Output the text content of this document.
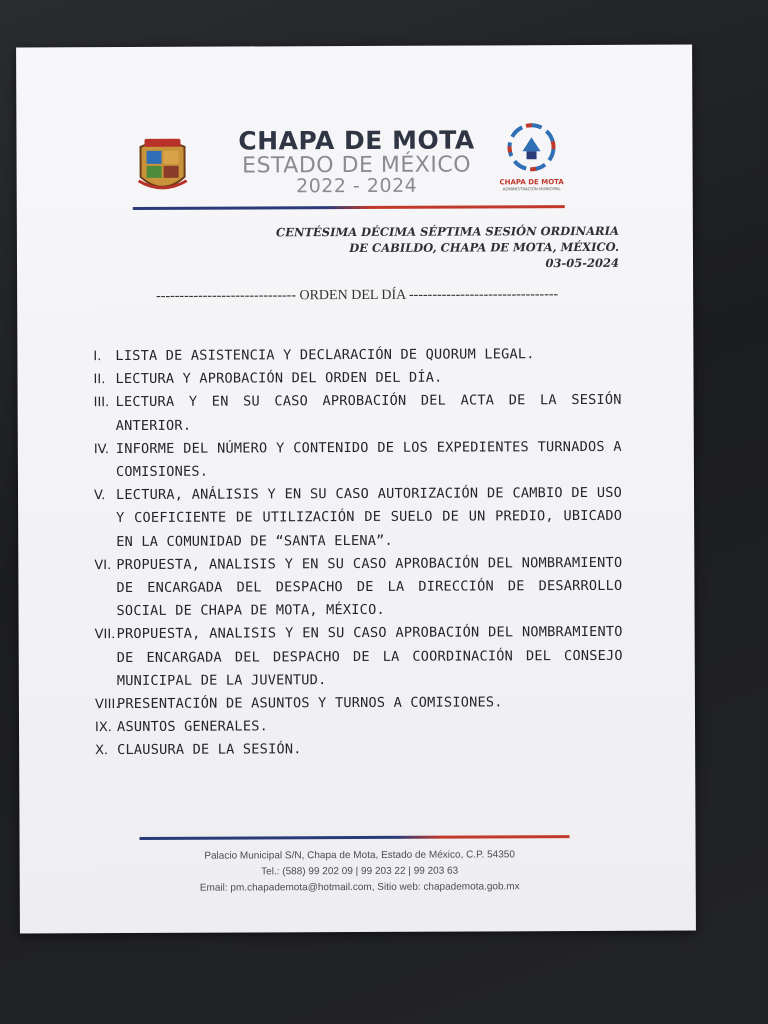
CHAPA DE MOTA
ESTADO DE MÉXICO
2022 - 2024	CHAPA DE MOTA
ADMINISTRACIÓN MUNICIPAL
CENTÉSIMA DÉCIMA SÉPTIMA SESIÓN ORDINARIA
DE CABILDO, CHAPA DE MOTA, MÉXICO.
03-05-2024
------------------------------ ORDEN DEL DÍA --------------------------------
I.	LISTA DE ASISTENCIA Y DECLARACIÓN DE QUORUM LEGAL.
II. LECTURA Y APROBACIÓN DEL ORDEN DEL DÍA.
III. LECTURA Y EN SU CASO APROBACIÓN DEL ACTA DE LA SESIÓN ANTERIOR.
IV. INFORME DEL NÚMERO Y CONTENIDO DE LOS EXPEDIENTES TURNADOS A COMISIONES.
V. LECTURA, ANÁLISIS Y EN SU CASO AUTORIZACIÓN DE CAMBIO DE USO Y COEFICIENTE DE UTILIZACIÓN DE SUELO DE UN PREDIO, UBICADO EN LA COMUNIDAD DE “SANTA ELENA”.
VI. PROPUESTA, ANALISIS Y EN SU CASO APROBACIÓN DEL NOMBRAMIENTO DE ENCARGADA DEL DESPACHO DE LA DIRECCIÓN DE DESARROLLO SOCIAL DE CHAPA DE MOTA, MÉXICO.
VII. PROPUESTA, ANALISIS Y EN SU CASO APROBACIÓN DEL NOMBRAMIENTO DE ENCARGADA DEL DESPACHO DE LA COORDINACIÓN DEL CONSEJO MUNICIPAL DE LA JUVENTUD.
VIII.
PRESENTACIÓN DE ASUNTOS Y TURNOS A COMISIONES.
IX. ASUNTOS GENERALES.
X. CLAUSURA DE LA SESIÓN.
Palacio Municipal S/N, Chapa de Mota, Estado de México, C.P. 54350
Tel.: (588) 99 202 09 | 99 203 22 | 99 203 63
Email: pm.chapademota@hotmail.com, Sitio web: chapademota.gob.mx
